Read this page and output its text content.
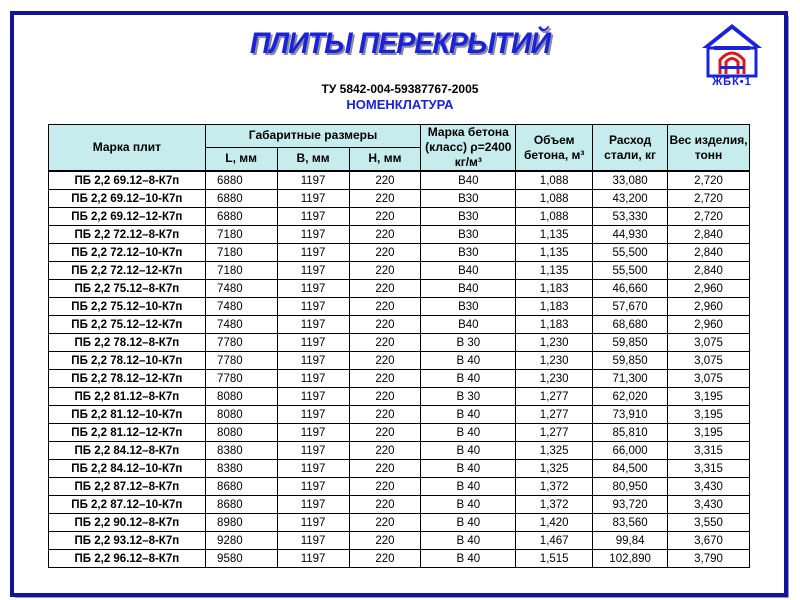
ПЛИТЫ ПЕРЕКРЫТИЙ
ЖБК•1
ТУ 5842-004-59387767-2005
НОМЕНКЛАТУРА
Марка плит	Габаритные размеры			Марка бетона (класс) ρ=2400 кг/м³	Объем бетона, м³	Расход стали, кг	Вес изделия, тонн
	L, мм	B, мм	H, мм				
ПБ 2,2 69.12–8-К7п	6880	1197	220	В40	1,088	33,080	2,720
ПБ 2,2 69.12–10-К7п	6880	1197	220	В30	1,088	43,200	2,720
ПБ 2,2 69.12–12-К7п	6880	1197	220	В30	1,088	53,330	2,720
ПБ 2,2 72.12–8-К7п	7180	1197	220	В30	1,135	44,930	2,840
ПБ 2,2 72.12–10-К7п	7180	1197	220	В30	1,135	55,500	2,840
ПБ 2,2 72.12–12-К7п	7180	1197	220	В40	1,135	55,500	2,840
ПБ 2,2 75.12–8-К7п	7480	1197	220	В40	1,183	46,660	2,960
ПБ 2,2 75.12–10-К7п	7480	1197	220	В30	1,183	57,670	2,960
ПБ 2,2 75.12–12-К7п	7480	1197	220	В40	1,183	68,680	2,960
ПБ 2,2 78.12–8-К7п	7780	1197	220	В 30	1,230	59,850	3,075
ПБ 2,2 78.12–10-К7п	7780	1197	220	В 40	1,230	59,850	3,075
ПБ 2,2 78.12–12-К7п	7780	1197	220	В 40	1,230	71,300	3,075
ПБ 2,2 81.12–8-К7п	8080	1197	220	В 30	1,277	62,020	3,195
ПБ 2,2 81.12–10-К7п	8080	1197	220	В 40	1,277	73,910	3,195
ПБ 2,2 81.12–12-К7п	8080	1197	220	В 40	1,277	85,810	3,195
ПБ 2,2 84.12–8-К7п	8380	1197	220	В 40	1,325	66,000	3,315
ПБ 2,2 84.12–10-К7п	8380	1197	220	В 40	1,325	84,500	3,315
ПБ 2,2 87.12–8-К7п	8680	1197	220	В 40	1,372	80,950	3,430
ПБ 2,2 87.12–10-К7п	8680	1197	220	В 40	1,372	93,720	3,430
ПБ 2,2 90.12–8-К7п	8980	1197	220	В 40	1,420	83,560	3,550
ПБ 2,2 93.12–8-К7п	9280	1197	220	В 40	1,467	99,84	3,670
ПБ 2,2 96.12–8-К7п	9580	1197	220	В 40	1,515	102,890	3,790
